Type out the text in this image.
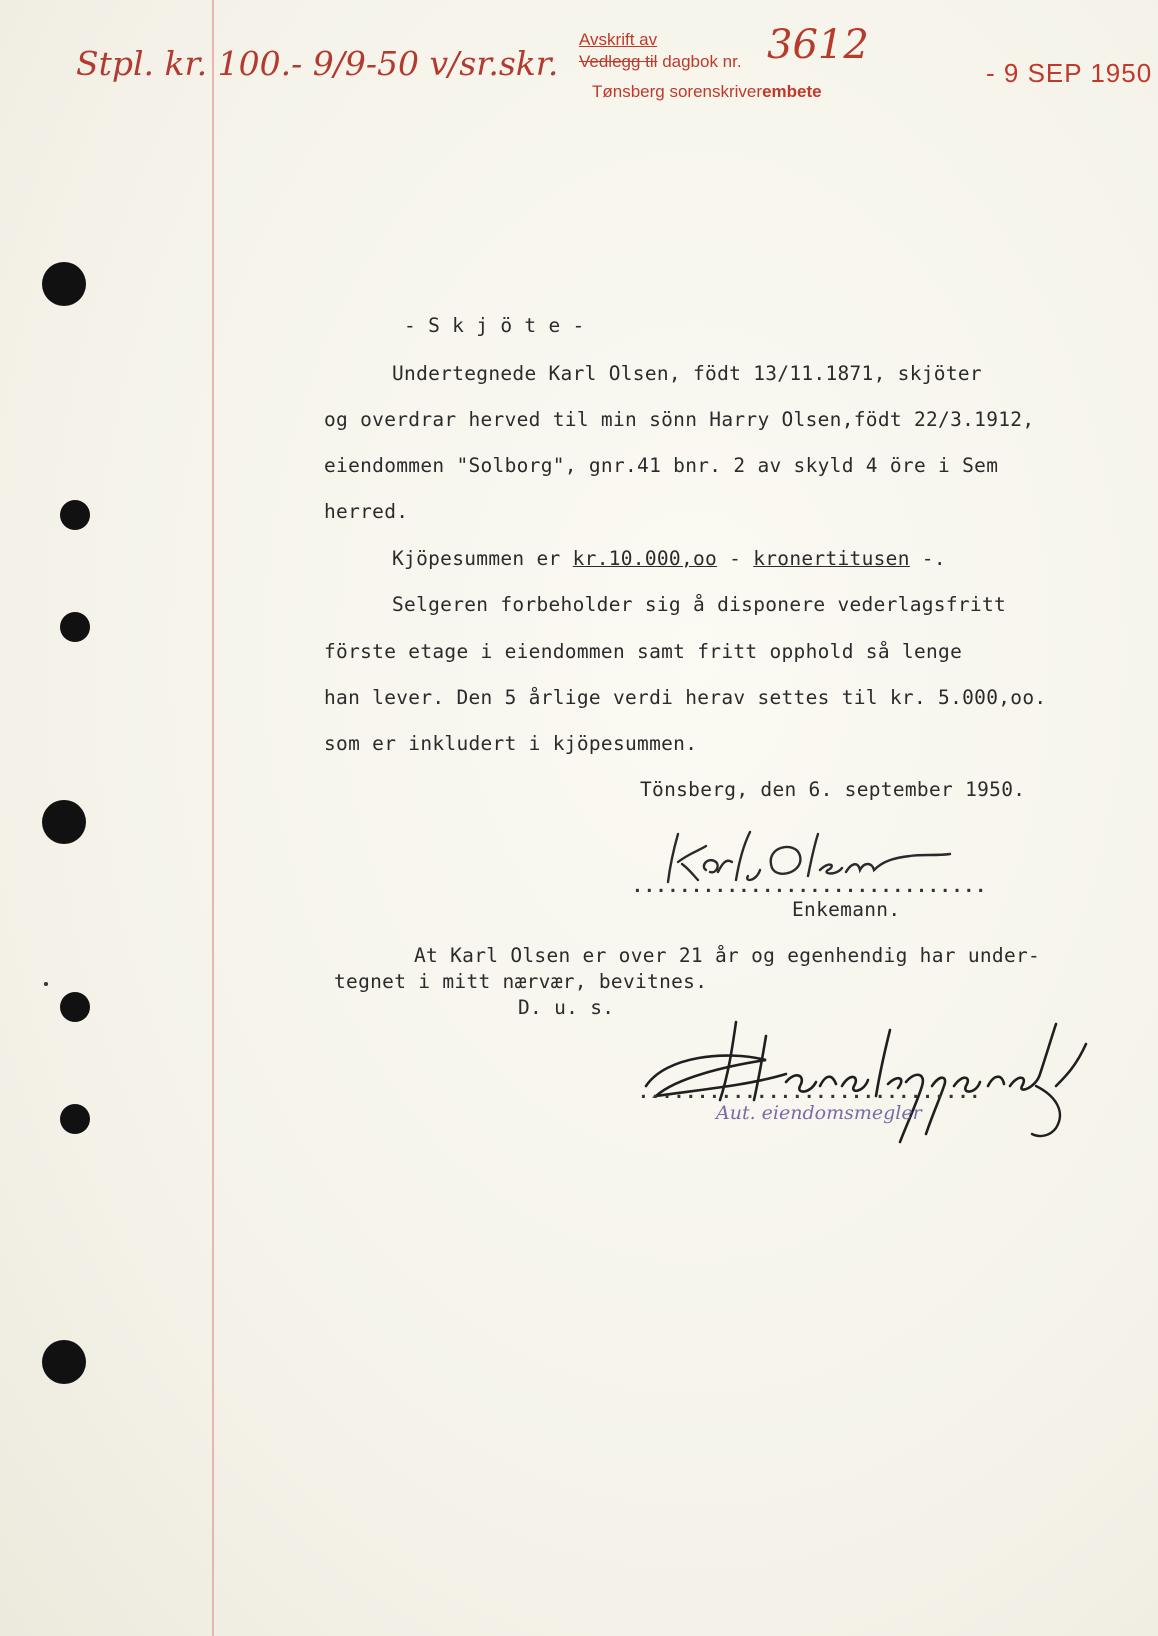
Stpl. kr. 100.- 9/9-50 v/sr.skr.
Avskrift av
Vedlegg til dagbok nr. 3612
Tønsberg sorenskriverembete
- 9 SEP 1950
- S k j ö t e -
Undertegnede Karl Olsen, födt 13/11.1871, skjöter
og overdrar herved til min sönn Harry Olsen,födt 22/3.1912,
eiendommen "Solborg", gnr.41 bnr. 2 av skyld 4 öre i Sem
herred.
Kjöpesummen er kr.10.000,oo - kronertitusen -.
Selgeren forbeholder sig å disponere vederlagsfritt
förste etage i eiendommen samt fritt opphold så lenge
han lever. Den 5 årlige verdi herav settes til kr. 5.000,oo.
som er inkludert i kjöpesummen.
Tönsberg, den 6. september 1950.
Karl Olsen
..............................
Enkemann.
At Karl Olsen er over 21 år og egenhendig har under-
tegnet i mitt nærvær, bevitnes.
D. u. s.	Haraldhygaard
.............................
Aut. eiendomsmegler
